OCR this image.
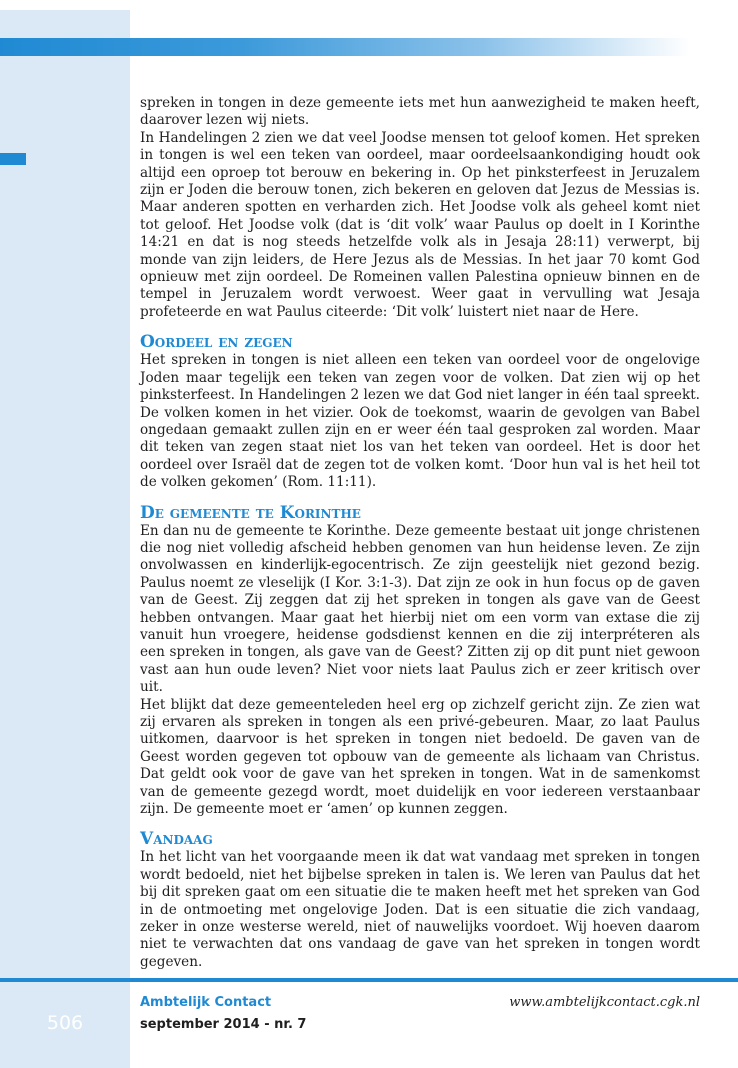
spreken in tongen in deze gemeente iets met hun aanwezigheid te maken heeft, daarover lezen wij niets.

In Handelingen 2 zien we dat veel Joodse mensen tot geloof komen. Het spreken in tongen is wel een teken van oordeel, maar oordeelsaankondiging houdt ook altijd een oproep tot berouw en bekering in. Op het pinksterfeest in Jeruzalem zijn er Joden die berouw tonen, zich bekeren en geloven dat Jezus de Messias is. Maar anderen spotten en verharden zich. Het Joodse volk als geheel komt niet tot geloof. Het Joodse volk (dat is ‘dit volk’ waar Paulus op doelt in I Korinthe 14:21 en dat is nog steeds hetzelfde volk als in Jesaja 28:11) verwerpt, bij monde van zijn leiders, de Here Jezus als de Messias. In het jaar 70 komt God opnieuw met zijn oordeel. De Romeinen vallen Palestina opnieuw binnen en de tempel in Jeruzalem wordt verwoest. Weer gaat in vervulling wat Jesaja profeteerde en wat Paulus citeerde: ‘Dit volk’ luistert niet naar de Here.

Oordeel en zegen

Het spreken in tongen is niet alleen een teken van oordeel voor de ongelovige Joden maar tegelijk een teken van zegen voor de volken. Dat zien wij op het pinksterfeest. In Handelingen 2 lezen we dat God niet langer in één taal spreekt. De volken komen in het vizier. Ook de toekomst, waarin de gevolgen van Babel ongedaan gemaakt zullen zijn en er weer één taal gesproken zal worden. Maar dit teken van zegen staat niet los van het teken van oordeel. Het is door het oordeel over Israël dat de zegen tot de volken komt. ‘Door hun val is het heil tot de volken gekomen’ (Rom. 11:11).

De gemeente te Korinthe

En dan nu de gemeente te Korinthe. Deze gemeente bestaat uit jonge christenen die nog niet volledig afscheid hebben genomen van hun heidense leven. Ze zijn onvolwassen en kinderlijk-egocentrisch. Ze zijn geestelijk niet gezond bezig. Paulus noemt ze vleselijk (I Kor. 3:1-3). Dat zijn ze ook in hun focus op de gaven van de Geest. Zij zeggen dat zij het spreken in tongen als gave van de Geest hebben ontvangen. Maar gaat het hierbij niet om een vorm van extase die zij vanuit hun vroegere, heidense godsdienst kennen en die zij interpréteren als een spreken in tongen, als gave van de Geest? Zitten zij op dit punt niet gewoon vast aan hun oude leven? Niet voor niets laat Paulus zich er zeer kritisch over uit.

Het blijkt dat deze gemeenteleden heel erg op zichzelf gericht zijn. Ze zien wat zij ervaren als spreken in tongen als een privé-gebeuren. Maar, zo laat Paulus uitkomen, daarvoor is het spreken in tongen niet bedoeld. De gaven van de Geest worden gegeven tot opbouw van de gemeente als lichaam van Christus. Dat geldt ook voor de gave van het spreken in tongen. Wat in de samenkomst van de gemeente gezegd wordt, moet duidelijk en voor iedereen verstaanbaar zijn. De gemeente moet er ‘amen’ op kunnen zeggen.

Vandaag

In het licht van het voorgaande meen ik dat wat vandaag met spreken in tongen wordt bedoeld, niet het bijbelse spreken in talen is. We leren van Paulus dat het bij dit spreken gaat om een situatie die te maken heeft met het spreken van God in de ontmoeting met ongelovige Joden. Dat is een situatie die zich vandaag, zeker in onze westerse wereld, niet of nauwelijks voordoet. Wij hoeven daarom niet te verwachten dat ons vandaag de gave van het spreken in tongen wordt gegeven.

506
Ambtelijk Contact
september 2014 - nr. 7
www.ambtelijkcontact.cgk.nl
